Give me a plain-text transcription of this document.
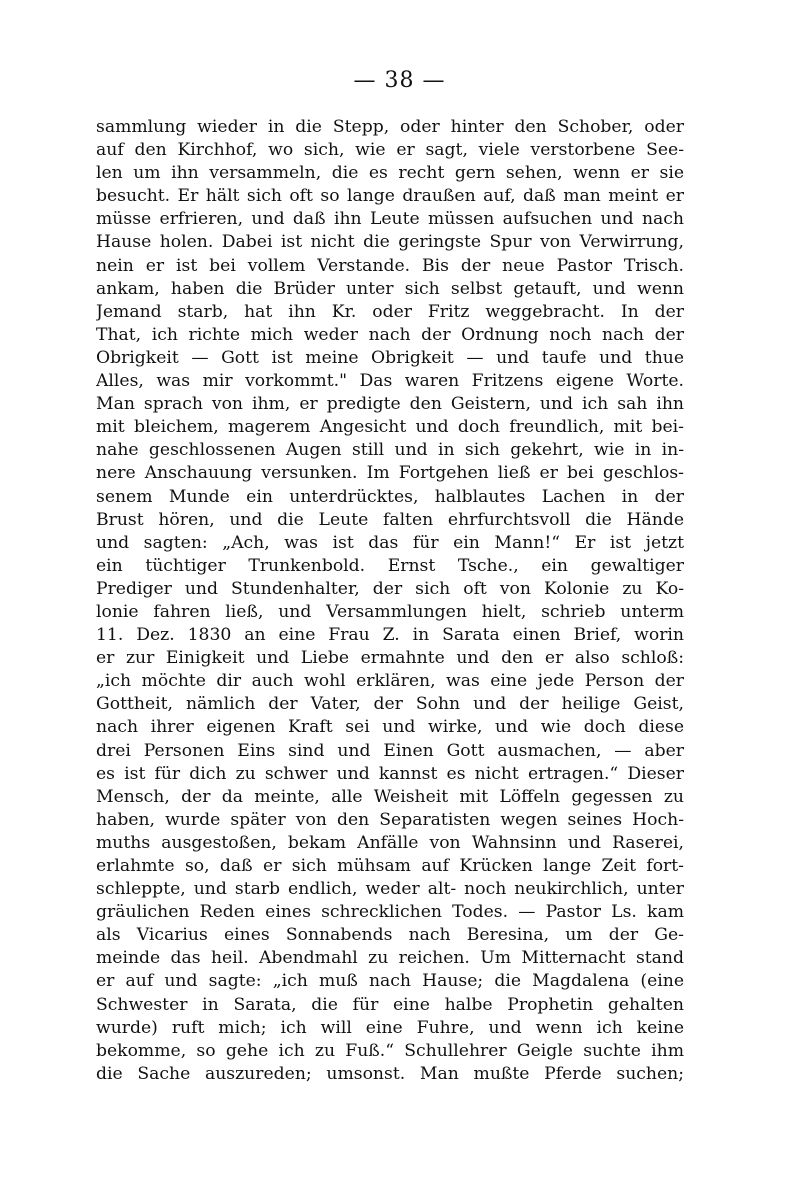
— 38 —
sammlung wieder in die Stepp, oder hinter den Schober, oder
auf den Kirchhof, wo sich, wie er sagt, viele verstorbene See-
len um ihn versammeln, die es recht gern sehen, wenn er sie
besucht. Er hält sich oft so lange draußen auf, daß man meint er
müsse erfrieren, und daß ihn Leute müssen aufsuchen und nach
Hause holen. Dabei ist nicht die geringste Spur von Verwirrung,
nein er ist bei vollem Verstande. Bis der neue Pastor Trisch.
ankam, haben die Brüder unter sich selbst getauft, und wenn
Jemand starb, hat ihn Kr. oder Fritz weggebracht. In der
That, ich richte mich weder nach der Ordnung noch nach der
Obrigkeit — Gott ist meine Obrigkeit — und taufe und thue
Alles, was mir vorkommt." Das waren Fritzens eigene Worte.
Man sprach von ihm, er predigte den Geistern, und ich sah ihn
mit bleichem, magerem Angesicht und doch freundlich, mit bei-
nahe geschlossenen Augen still und in sich gekehrt, wie in in-
nere Anschauung versunken. Im Fortgehen ließ er bei geschlos-
senem Munde ein unterdrücktes, halblautes Lachen in der
Brust hören, und die Leute falten ehrfurchtsvoll die Hände
und sagten: „Ach, was ist das für ein Mann!“ Er ist jetzt
ein tüchtiger Trunkenbold. Ernst Tsche., ein gewaltiger
Prediger und Stundenhalter, der sich oft von Kolonie zu Ko-
lonie fahren ließ, und Versammlungen hielt, schrieb unterm
11. Dez. 1830 an eine Frau Z. in Sarata einen Brief, worin
er zur Einigkeit und Liebe ermahnte und den er also schloß:
„ich möchte dir auch wohl erklären, was eine jede Person der
Gottheit, nämlich der Vater, der Sohn und der heilige Geist,
nach ihrer eigenen Kraft sei und wirke, und wie doch diese
drei Personen Eins sind und Einen Gott ausmachen, — aber
es ist für dich zu schwer und kannst es nicht ertragen.“ Dieser
Mensch, der da meinte, alle Weisheit mit Löffeln gegessen zu
haben, wurde später von den Separatisten wegen seines Hoch-
muths ausgestoßen, bekam Anfälle von Wahnsinn und Raserei,
erlahmte so, daß er sich mühsam auf Krücken lange Zeit fort-
schleppte, und starb endlich, weder alt- noch neukirchlich, unter
gräulichen Reden eines schrecklichen Todes. — Pastor Ls. kam
als Vicarius eines Sonnabends nach Beresina, um der Ge-
meinde das heil. Abendmahl zu reichen. Um Mitternacht stand
er auf und sagte: „ich muß nach Hause; die Magdalena (eine
Schwester in Sarata, die für eine halbe Prophetin gehalten
wurde) ruft mich; ich will eine Fuhre, und wenn ich keine
bekomme, so gehe ich zu Fuß.“ Schullehrer Geigle suchte ihm
die Sache auszureden; umsonst. Man mußte Pferde suchen;
